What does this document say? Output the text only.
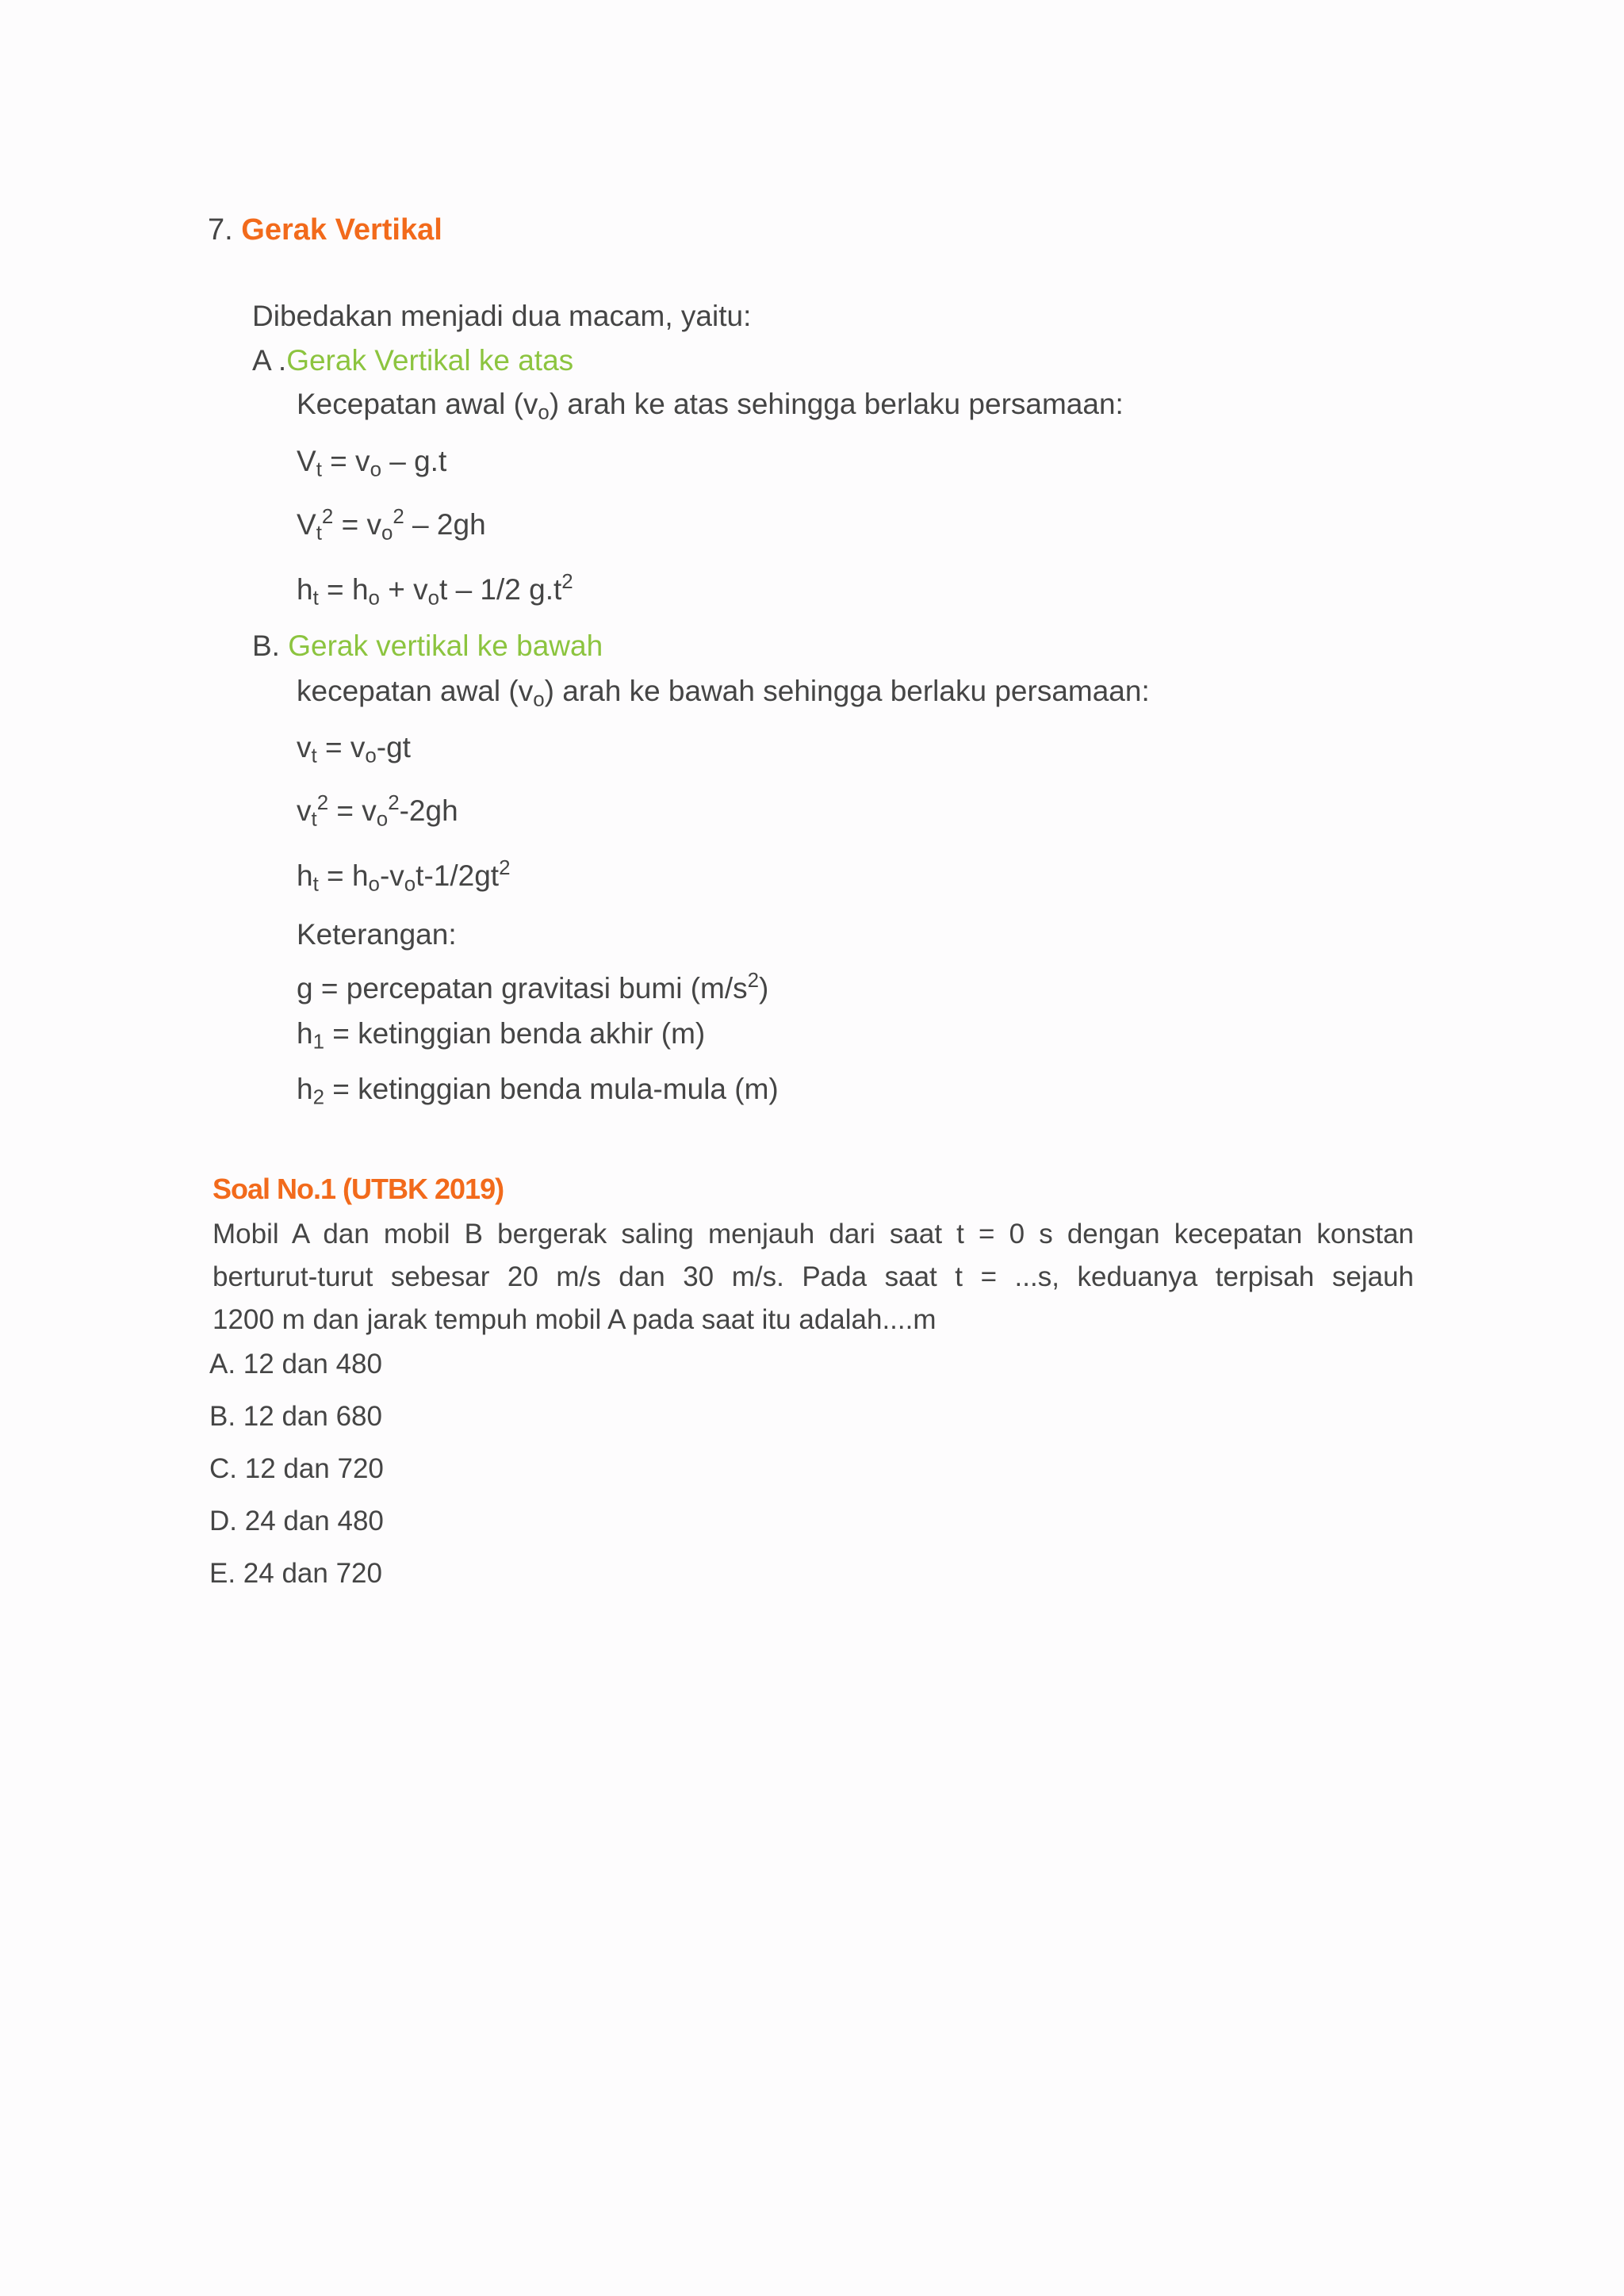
7. Gerak Vertikal
Dibedakan menjadi dua macam, yaitu:
A .Gerak Vertikal ke atas
Kecepatan awal $(v_o)$ arah ke atas sehingga berlaku persamaan:
$V_t = v_o - g.t$
$V_t^2 = v_o^2 - 2gh$
$h_t = h_o + v_ot - 1/2$ $g.t^2$
B. Gerak vertikal ke bawah
kecepatan awal $(v_o)$ arah ke bawah sehingga berlaku persamaan:
$v_t = v_o-gt$
$v_t^2 = v_o^2-2gh$
$h_t = h_o-v_ot-1/2gt^2$
Keterangan:
g = percepatan gravitasi bumi $(m/s^2)$
$h_1$ = ketinggian benda akhir (m)
$h_2$ = ketinggian benda mula-mula (m)
Soal No.1 (UTBK 2019)
Mobil A dan mobil B bergerak saling menjauh dari saat t = 0 s dengan kecepatan konstan
berturut-turut sebesar 20 m/s dan 30 m/s. Pada saat t = ...s, keduanya terpisah sejauh
1200 m dan jarak tempuh mobil A pada saat itu adalah....m
A. 12 dan 480
B. 12 dan 680
C. 12 dan 720
D. 24 dan 480
E. 24 dan 720
